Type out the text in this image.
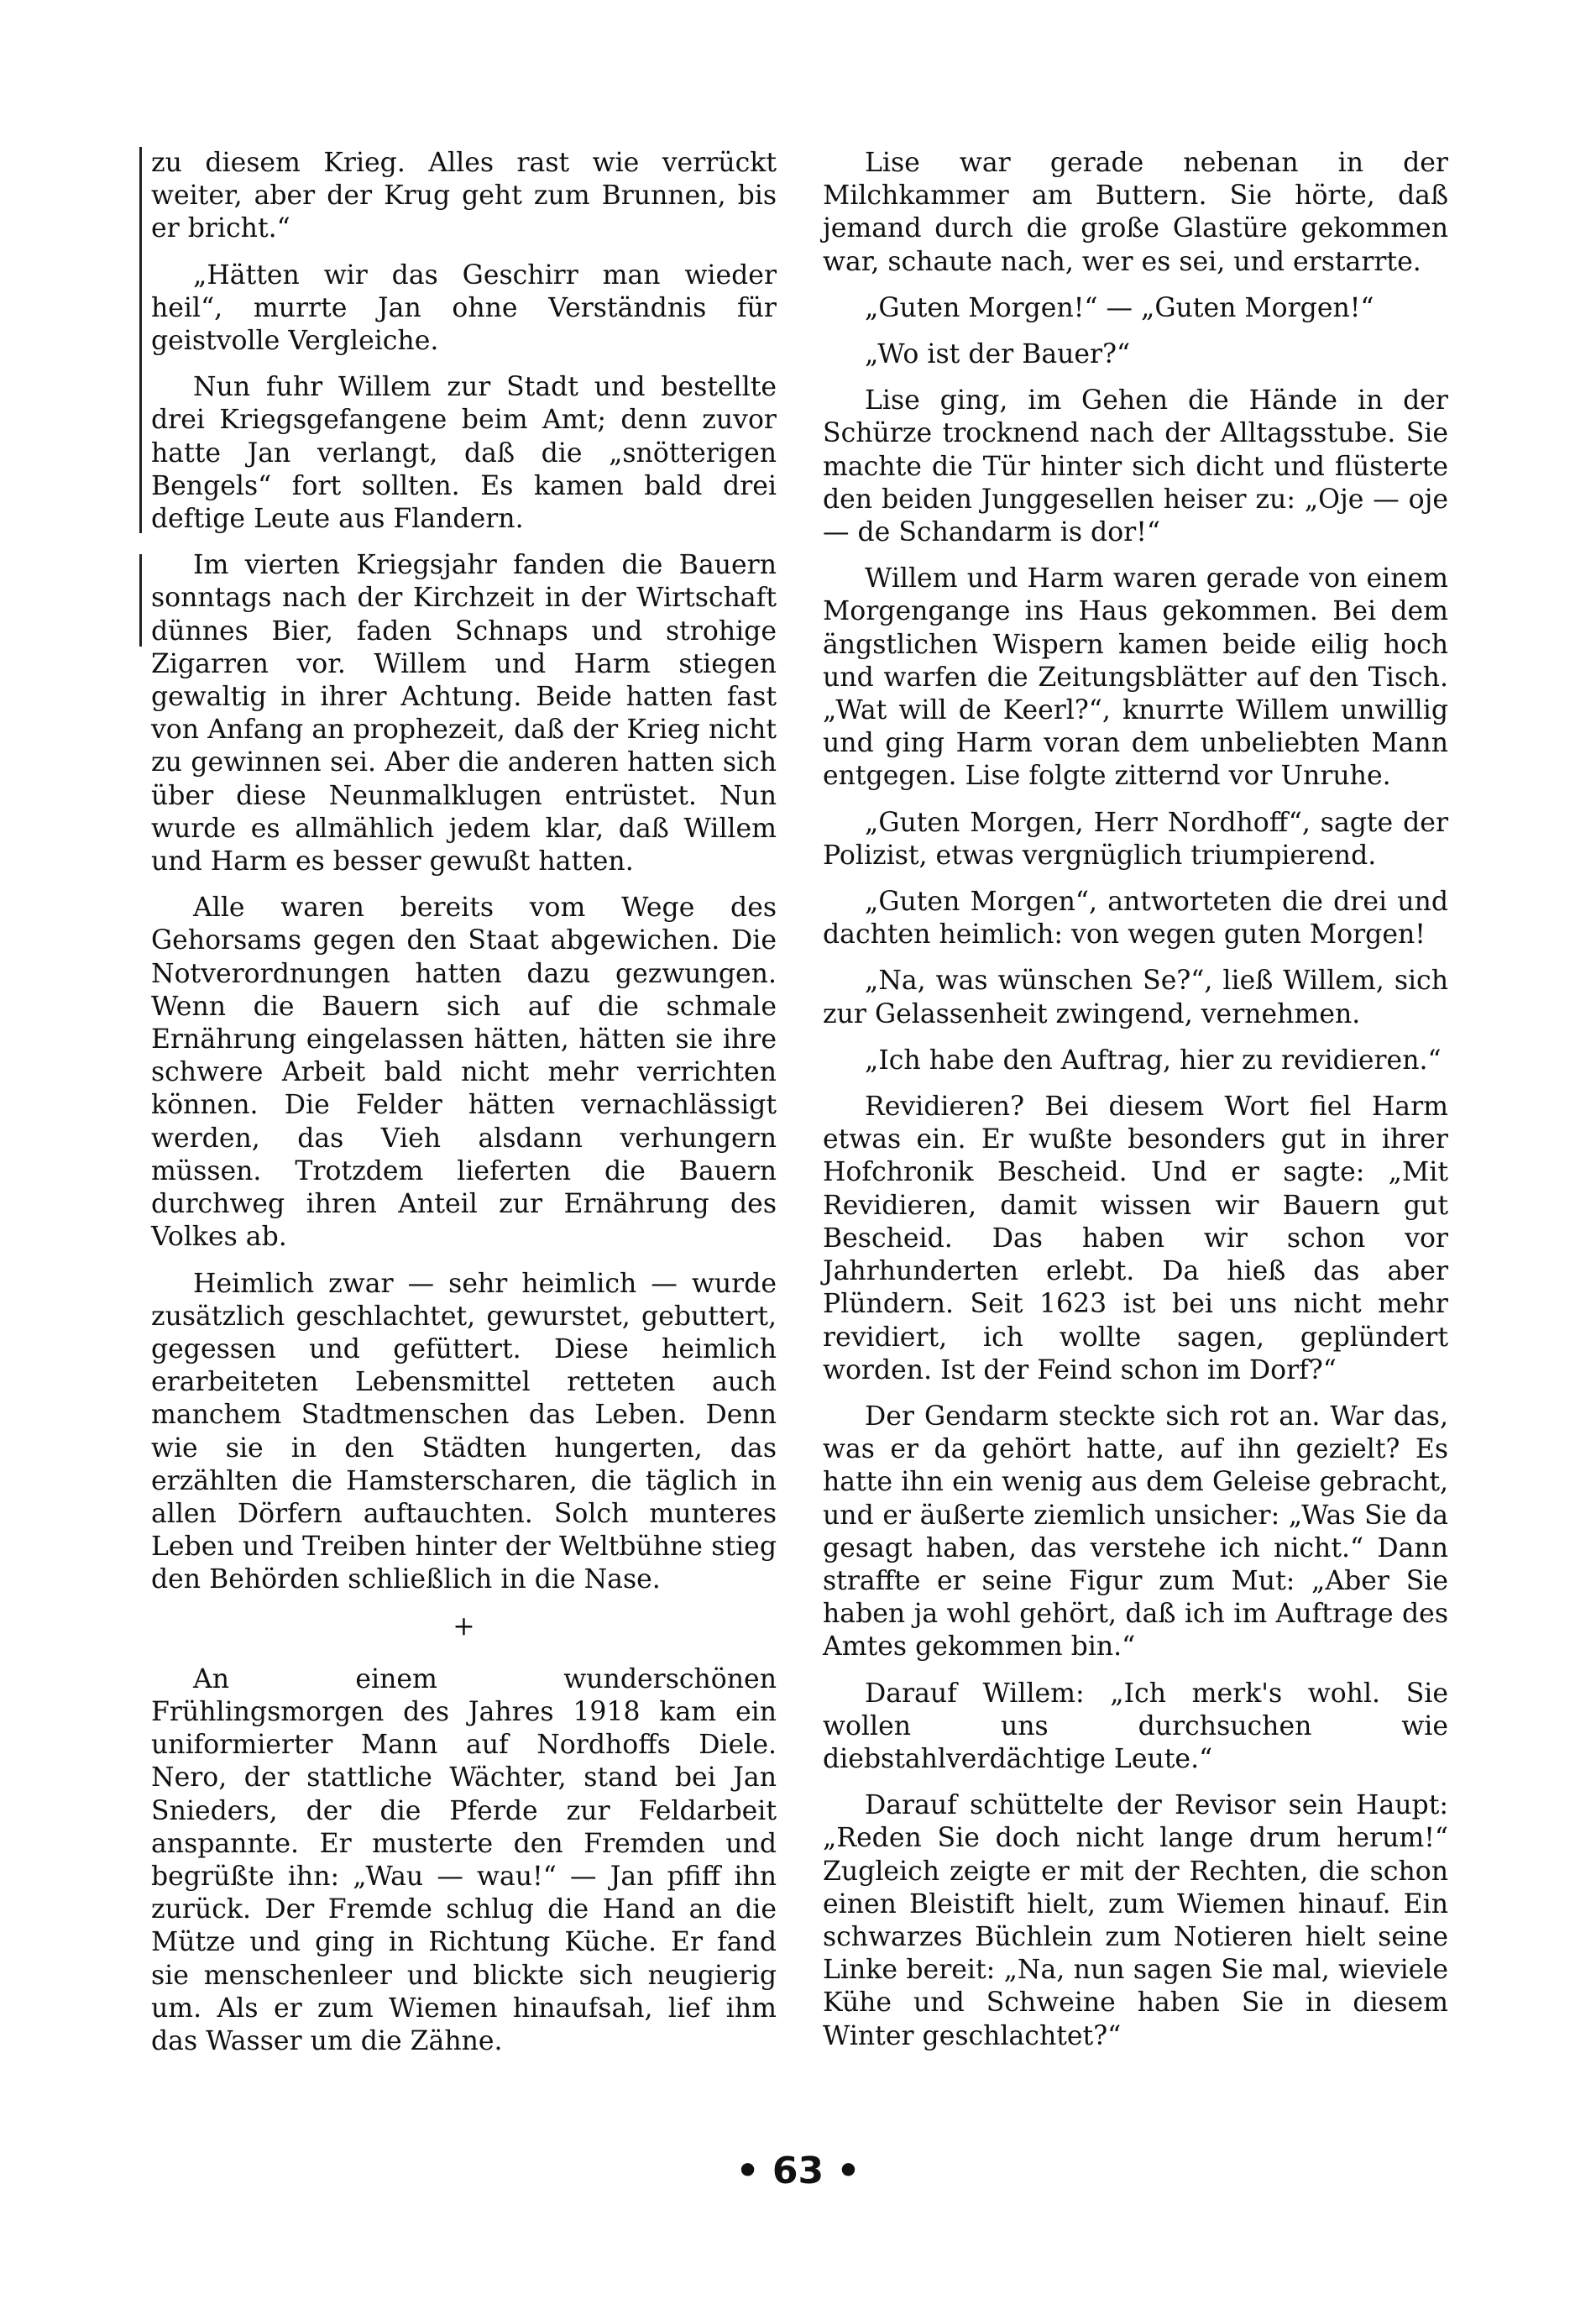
zu diesem Krieg. Alles rast wie verrückt weiter, aber der Krug geht zum Brunnen, bis er bricht.“

„Hätten wir das Geschirr man wieder heil“, murrte Jan ohne Verständnis für geistvolle Vergleiche.

Nun fuhr Willem zur Stadt und bestellte drei Kriegsgefangene beim Amt; denn zuvor hatte Jan verlangt, daß die „snötterigen Bengels“ fort sollten. Es kamen bald drei deftige Leute aus Flandern.

Im vierten Kriegsjahr fanden die Bauern sonntags nach der Kirchzeit in der Wirtschaft dünnes Bier, faden Schnaps und strohige Zigarren vor. Willem und Harm stiegen gewaltig in ihrer Achtung. Beide hatten fast von Anfang an prophezeit, daß der Krieg nicht zu gewinnen sei. Aber die anderen hatten sich über diese Neunmalklugen entrüstet. Nun wurde es allmählich jedem klar, daß Willem und Harm es besser gewußt hatten.

Alle waren bereits vom Wege des Gehorsams gegen den Staat abgewichen. Die Notverordnungen hatten dazu gezwungen. Wenn die Bauern sich auf die schmale Ernährung eingelassen hätten, hätten sie ihre schwere Arbeit bald nicht mehr verrichten können. Die Felder hätten vernachlässigt werden, das Vieh alsdann verhungern müssen. Trotzdem lieferten die Bauern durchweg ihren Anteil zur Ernährung des Volkes ab.

Heimlich zwar — sehr heimlich — wurde zusätzlich geschlachtet, gewurstet, gebuttert, gegessen und gefüttert. Diese heimlich erarbeiteten Lebensmittel retteten auch manchem Stadtmenschen das Leben. Denn wie sie in den Städten hungerten, das erzählten die Hamsterscharen, die täglich in allen Dörfern auftauchten. Solch munteres Leben und Treiben hinter der Weltbühne stieg den Behörden schließlich in die Nase.

+

An einem wunderschönen Frühlingsmorgen des Jahres 1918 kam ein uniformierter Mann auf Nordhoffs Diele. Nero, der stattliche Wächter, stand bei Jan Snieders, der die Pferde zur Feldarbeit anspannte. Er musterte den Fremden und begrüßte ihn: „Wau — wau!“ — Jan pfiff ihn zurück. Der Fremde schlug die Hand an die Mütze und ging in Richtung Küche. Er fand sie menschenleer und blickte sich neugierig um. Als er zum Wiemen hinaufsah, lief ihm das Wasser um die Zähne.

Lise war gerade nebenan in der Milchkammer am Buttern. Sie hörte, daß jemand durch die große Glastüre gekommen war, schaute nach, wer es sei, und erstarrte.

„Guten Morgen!“ — „Guten Morgen!“

„Wo ist der Bauer?“

Lise ging, im Gehen die Hände in der Schürze trocknend nach der Alltagsstube. Sie machte die Tür hinter sich dicht und flüsterte den beiden Junggesellen heiser zu: „Oje — oje — de Schandarm is dor!“

Willem und Harm waren gerade von einem Morgengange ins Haus gekommen. Bei dem ängstlichen Wispern kamen beide eilig hoch und warfen die Zeitungsblätter auf den Tisch. „Wat will de Keerl?“, knurrte Willem unwillig und ging Harm voran dem unbeliebten Mann entgegen. Lise folgte zitternd vor Unruhe.

„Guten Morgen, Herr Nordhoff“, sagte der Polizist, etwas vergnüglich triumpierend.

„Guten Morgen“, antworteten die drei und dachten heimlich: von wegen guten Morgen!

„Na, was wünschen Se?“, ließ Willem, sich zur Gelassenheit zwingend, vernehmen.

„Ich habe den Auftrag, hier zu revidieren.“

Revidieren? Bei diesem Wort fiel Harm etwas ein. Er wußte besonders gut in ihrer Hofchronik Bescheid. Und er sagte: „Mit Revidieren, damit wissen wir Bauern gut Bescheid. Das haben wir schon vor Jahrhunderten erlebt. Da hieß das aber Plündern. Seit 1623 ist bei uns nicht mehr revidiert, ich wollte sagen, geplündert worden. Ist der Feind schon im Dorf?“

Der Gendarm steckte sich rot an. War das, was er da gehört hatte, auf ihn gezielt? Es hatte ihn ein wenig aus dem Geleise gebracht, und er äußerte ziemlich unsicher: „Was Sie da gesagt haben, das verstehe ich nicht.“ Dann straffte er seine Figur zum Mut: „Aber Sie haben ja wohl gehört, daß ich im Auftrage des Amtes gekommen bin.“

Darauf Willem: „Ich merk's wohl. Sie wollen uns durchsuchen wie diebstahlverdächtige Leute.“

Darauf schüttelte der Revisor sein Haupt: „Reden Sie doch nicht lange drum herum!“ Zugleich zeigte er mit der Rechten, die schon einen Bleistift hielt, zum Wiemen hinauf. Ein schwarzes Büchlein zum Notieren hielt seine Linke bereit: „Na, nun sagen Sie mal, wieviele Kühe und Schweine haben Sie in diesem Winter geschlachtet?“

• 63 •
